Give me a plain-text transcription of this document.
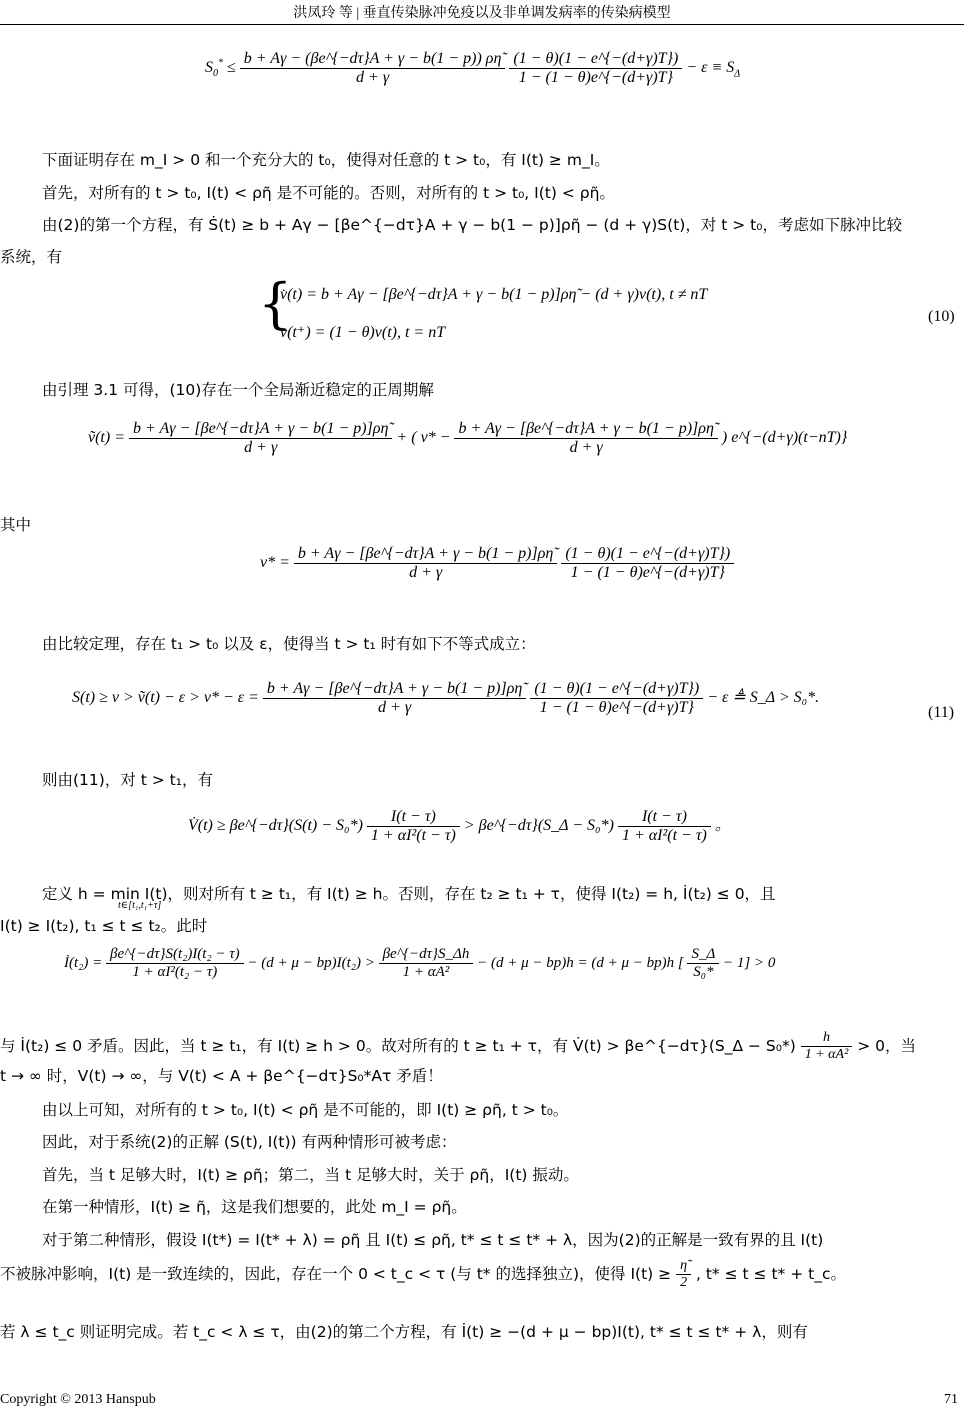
洪凤玲 等 | 垂直传染脉冲免疫以及非单调发病率的传染病模型
$S_0^* \le \frac{b + A\gamma - (\beta e\^{}\{-d\tau\}A + \gamma - b(1 - p)) \rho\etã}{d + \gamma}$
$\frac{(1 - \theta)(1 - e\^{}\{-(d+\gamma)T\})}{1 - (1 - \theta)e\^{}\{-(d+\gamma)T\}} - \varepsilon \equiv S_\Delta$
下面证明存在 m_I > 0 和一个充分大的 t₀，使得对任意的 t > t₀，有 I(t) ≥ m_I。
首先，对所有的 t > t₀, I(t) < ρη̃ 是不可能的。否则，对所有的 t > t₀, I(t) < ρη̃。
由(2)的第一个方程，有 Ṡ(t) ≥ b + Aγ − [βe^{−dτ}A + γ − b(1 − p)]ρη̃ − (d + γ)S(t)，对 t > t₀，考虑如下脉冲比较
系统，有
{
v̇(t) = b + Aγ − [βe^{−dτ}A + γ − b(1 − p)]ρη̃ − (d + γ)v(t), t ≠ nT
v(t⁺) = (1 − θ)v(t), t = nT
(10)
由引理 3.1 可得，(10)存在一个全局渐近稳定的正周期解
ṽ(t) = $\frac{b + A\gamma - [\beta e\^{}\{-d\tau\}A + \gamma - b(1 - p)]\rho\etã}{d + \gamma}$ + ( $v* - \frac{b + A\gamma - [\beta e\^{}\{-d\tau\}A + \gamma - b(1 - p)]\rho\etã}{d + \gamma}$ ) e^{−(d+γ)(t−nT)}
其中
$v* = \frac{b + A\gamma - [\beta e\^{}\{-d\tau\}A + \gamma - b(1 - p)]\rho\etã}{d + \gamma}$
$\frac{(1 - \theta)(1 - e\^{}\{-(d+\gamma)T\})}{1 - (1 - \theta)e\^{}\{-(d+\gamma)T\}}$
由比较定理，存在 t₁ > t₀ 以及 ε，使得当 t > t₁ 时有如下不等式成立：
S(t) ≥ v > ṽ(t) − $\varepsilon > v* - \varepsilon = \frac{b + A\gamma - [\beta e\^{}\{-d\tau\}A + \gamma - b(1 - p)]\rho\etã}{d + \gamma}$
$\frac{(1 - \theta)(1 - e\^{}\{-(d+\gamma)T\})}{1 - (1 - \theta)e\^{}\{-(d+\gamma)T\}} - \varepsilon$ ≜ S_Δ > S₀*.
(11)
则由(11)，对 t > t₁，有
V̇(t) ≥ βe^{−dτ}(S(t) − $S_0*) \frac{I(t - \tau)}{\text{1 + αI²(t − τ)}}$ > βe^{−dτ}(S_Δ − $S_0*) \frac{I(t - \tau)}{\text{1 + αI²(t − τ)}}$ 。
定义 h = min I(t)，则对所有 t ≥ t₁，有 I(t) ≥ h。否则，存在 t₂ ≥ t₁ + τ，使得 I(t₂) = h, İ(t₂) ≤ 0，且
t∈[t₁,t₁+τ]
I(t) ≥ I(t₂), t₁ ≤ t ≤ t₂。此时
İ(t₂) = $\frac{\text{βe\textasciicircum{}\{−dτ\}S(t₂)I(t₂ − τ)}}{\text{1 + αI²(t₂ − τ)}} - (d + \mu - bp)I(t_2) > \frac{\beta e\^{}\{-d\tau\}S\_\Delta h}{\text{1 + αA²}} - (d + \mu - bp)h = (d + \mu - bp)h$ [ $\frac{S\_\Delta}{\text{S₀*}} - 1] > 0$
与 İ(t₂) ≤ 0 矛盾。因此，当 t ≥ t₁，有 I(t) ≥ h > 0。故对所有的 t ≥ t₁ + τ，有 V̇(t) > βe^{−dτ}(S_Δ − $S_0*) \frac{h}{\text{1 + αA²}} > 0$，当
t → ∞ 时，V(t) → ∞，与 V(t) < A + βe^{−dτ}S₀*Aτ 矛盾！
由以上可知，对所有的 t > t₀, I(t) < ρη̃ 是不可能的，即 I(t) ≥ ρη̃, t > t₀。
因此，对于系统(2)的正解 (S(t), I(t)) 有两种情形可被考虑：
首先，当 t 足够大时，I(t) ≥ ρη̃；第二，当 t 足够大时，关于 ρη̃，I(t) 振动。
在第一种情形，I(t) ≥ η̃，这是我们想要的，此处 m_I = ρη̃。
对于第二种情形，假设 I(t*) = I(t* + λ) = ρη̃ 且 I(t) ≤ ρη̃, t* ≤ t ≤ t* + λ，因为(2)的正解是一致有界的且 I(t)
不被脉冲影响，I(t) 是一致连续的，因此，存在一个 0 < t_c < τ (与 t* 的选择独立)，使得 $I(t) \ge \frac{\etã}{2}$ , t* ≤ t ≤ t* + t_c。
若 λ ≤ t_c 则证明完成。若 t_c < λ ≤ τ，由(2)的第二个方程，有 İ(t) ≥ −(d + μ − bp)I(t), t* ≤ t ≤ t* + λ，则有
Copyright © 2013 Hanspub	71
